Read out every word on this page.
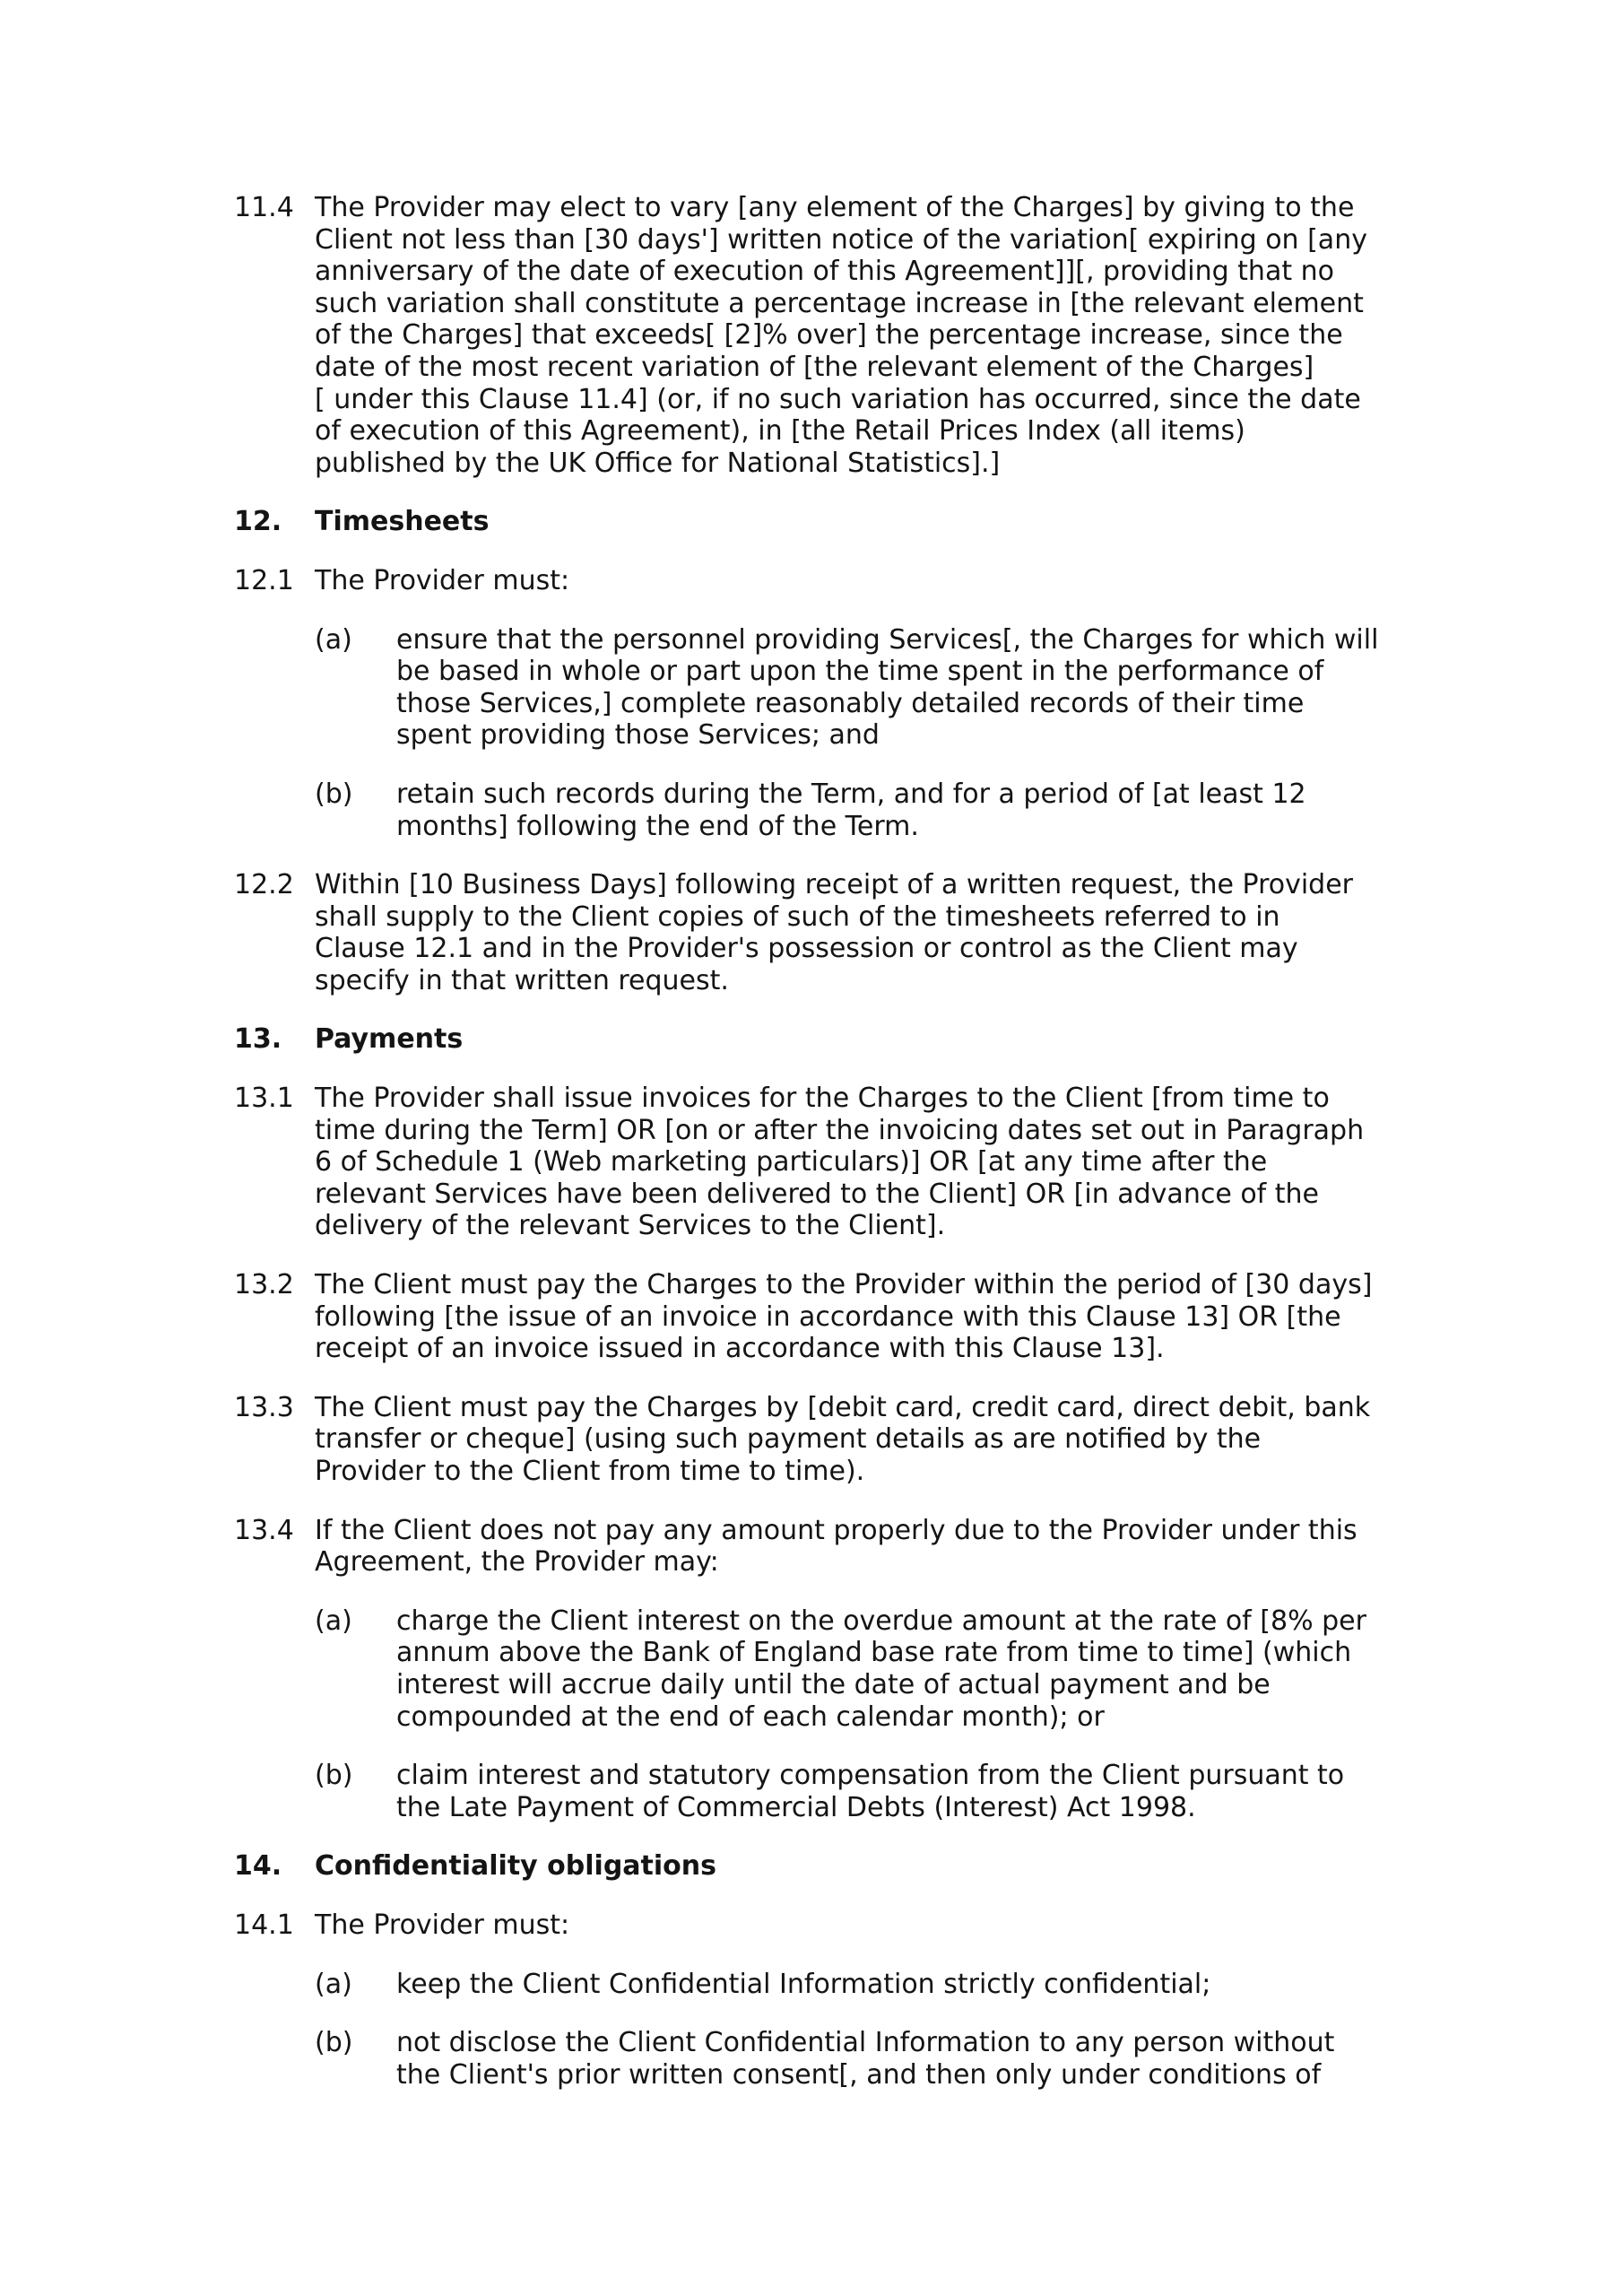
11.4 The Provider may elect to vary [any element of the Charges] by giving to the
Client not less than [30 days'] written notice of the variation[ expiring on [any
anniversary of the date of execution of this Agreement]][, providing that no
such variation shall constitute a percentage increase in [the relevant element
of the Charges] that exceeds[ [2]% over] the percentage increase, since the
date of the most recent variation of [the relevant element of the Charges]
[ under this Clause 11.4] (or, if no such variation has occurred, since the date
of execution of this Agreement), in [the Retail Prices Index (all items)
published by the UK Office for National Statistics].]
12. Timesheets
12.1 The Provider must:
(a) ensure that the personnel providing Services[, the Charges for which will
be based in whole or part upon the time spent in the performance of
those Services,] complete reasonably detailed records of their time
spent providing those Services; and
(b) retain such records during the Term, and for a period of [at least 12
months] following the end of the Term.
12.2 Within [10 Business Days] following receipt of a written request, the Provider
shall supply to the Client copies of such of the timesheets referred to in
Clause 12.1 and in the Provider's possession or control as the Client may
specify in that written request.
13. Payments
13.1 The Provider shall issue invoices for the Charges to the Client [from time to
time during the Term] OR [on or after the invoicing dates set out in Paragraph
6 of Schedule 1 (Web marketing particulars)] OR [at any time after the
relevant Services have been delivered to the Client] OR [in advance of the
delivery of the relevant Services to the Client].
13.2 The Client must pay the Charges to the Provider within the period of [30 days]
following [the issue of an invoice in accordance with this Clause 13] OR [the
receipt of an invoice issued in accordance with this Clause 13].
13.3 The Client must pay the Charges by [debit card, credit card, direct debit, bank
transfer or cheque] (using such payment details as are notified by the
Provider to the Client from time to time).
13.4 If the Client does not pay any amount properly due to the Provider under this
Agreement, the Provider may:
(a) charge the Client interest on the overdue amount at the rate of [8% per
annum above the Bank of England base rate from time to time] (which
interest will accrue daily until the date of actual payment and be
compounded at the end of each calendar month); or
(b) claim interest and statutory compensation from the Client pursuant to
the Late Payment of Commercial Debts (Interest) Act 1998.
14. Confidentiality obligations
14.1 The Provider must:
(a) keep the Client Confidential Information strictly confidential;
(b) not disclose the Client Confidential Information to any person without
the Client's prior written consent[, and then only under conditions of
